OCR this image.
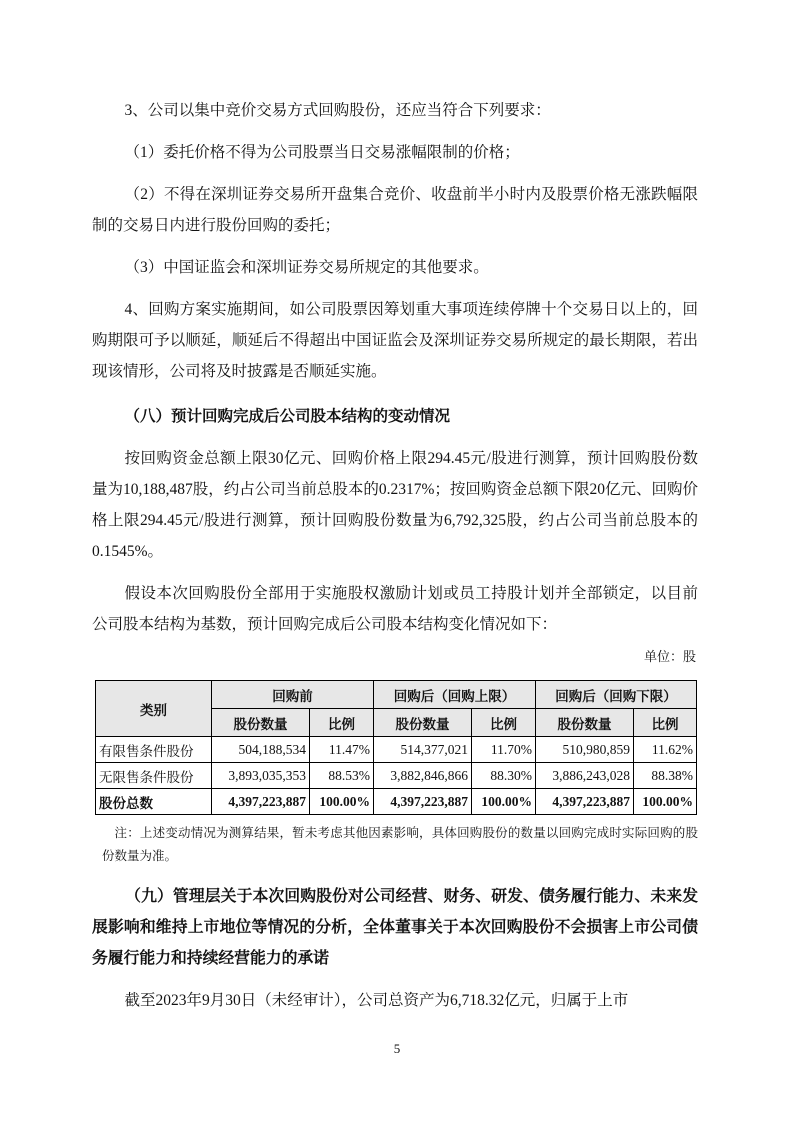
3、公司以集中竞价交易方式回购股份，还应当符合下列要求：

（1）委托价格不得为公司股票当日交易涨幅限制的价格；

（2）不得在深圳证券交易所开盘集合竞价、收盘前半小时内及股票价格无涨跌幅限制的交易日内进行股份回购的委托；

（3）中国证监会和深圳证券交易所规定的其他要求。

4、回购方案实施期间，如公司股票因筹划重大事项连续停牌十个交易日以上的，回购期限可予以顺延，顺延后不得超出中国证监会及深圳证券交易所规定的最长期限，若出现该情形，公司将及时披露是否顺延实施。

（八）预计回购完成后公司股本结构的变动情况

按回购资金总额上限30亿元、回购价格上限294.45元/股进行测算，预计回购股份数量为10,188,487股，约占公司当前总股本的0.2317%；按回购资金总额下限20亿元、回购价格上限294.45元/股进行测算，预计回购股份数量为6,792,325股，约占公司当前总股本的0.1545%。

假设本次回购股份全部用于实施股权激励计划或员工持股计划并全部锁定，以目前公司股本结构为基数，预计回购完成后公司股本结构变化情况如下：

单位：股
类别	回购前		回购后（回购上限）		回购后（回购下限）	
	股份数量	比例	股份数量	比例	股份数量	比例
有限售条件股份	504,188,534	11.47%	514,377,021	11.70%	510,980,859	11.62%
无限售条件股份	3,893,035,353	88.53%	3,882,846,866	88.30%	3,886,243,028	88.38%
股份总数	4,397,223,887	100.00%	4,397,223,887	100.00%	4,397,223,887	100.00%

注：上述变动情况为测算结果，暂未考虑其他因素影响，具体回购股份的数量以回购完成时实际回购的股份数量为准。

（九）管理层关于本次回购股份对公司经营、财务、研发、债务履行能力、未来发展影响和维持上市地位等情况的分析，全体董事关于本次回购股份不会损害上市公司债务履行能力和持续经营能力的承诺

截至2023年9月30日（未经审计），公司总资产为6,718.32亿元，归属于上市

5
